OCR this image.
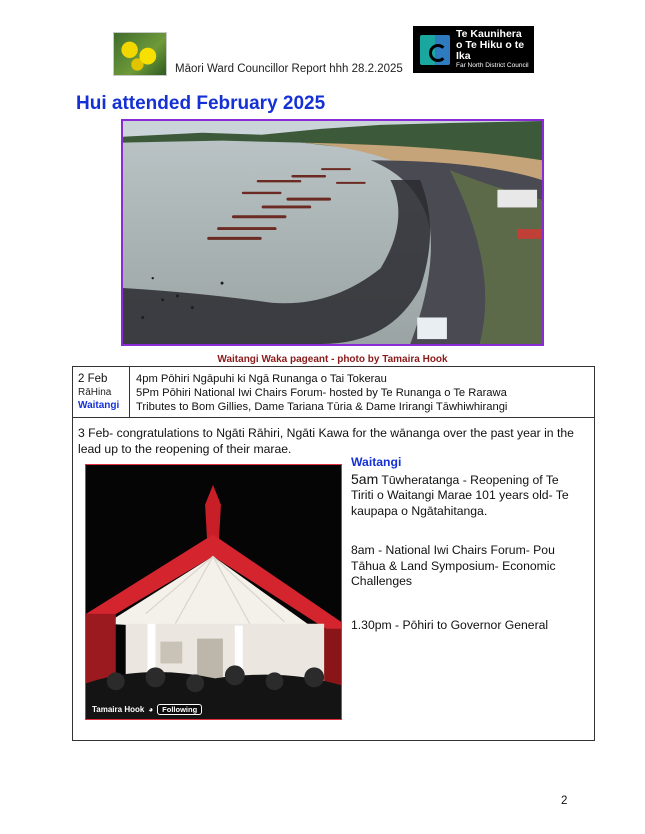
Māori Ward Councillor Report hhh 28.2.2025
Te Kaunihera
o Te Hiku o te Ika
Far North District Council
Hui attended February 2025
Waitangi Waka pageant - photo by Tamaira Hook
2 Feb
RāHina
Waitangi
4pm Pōhiri Ngāpuhi ki Ngā Runanga o Tai Tokerau
5Pm Pōhiri National Iwi Chairs Forum- hosted by Te Runanga o Te Rarawa
Tributes to Bom Gillies, Dame Tariana Tūria & Dame Irirangi Tāwhiwhirangi
3 Feb- congratulations to Ngāti Rāhiri, Ngāti Kawa for the wānanga over the past year in the lead up to the reopening of their marae.
Tamaira Hook ◕	Following
Waitangi

5am Tūwheratanga - Reopening of Te Tiriti o Waitangi Marae 101 years old- Te kaupapa o Ngātahitanga.

8am - National Iwi Chairs Forum- Pou Tāhua & Land Symposium- Economic Challenges

1.30pm - Pōhiri to Governor General

2
